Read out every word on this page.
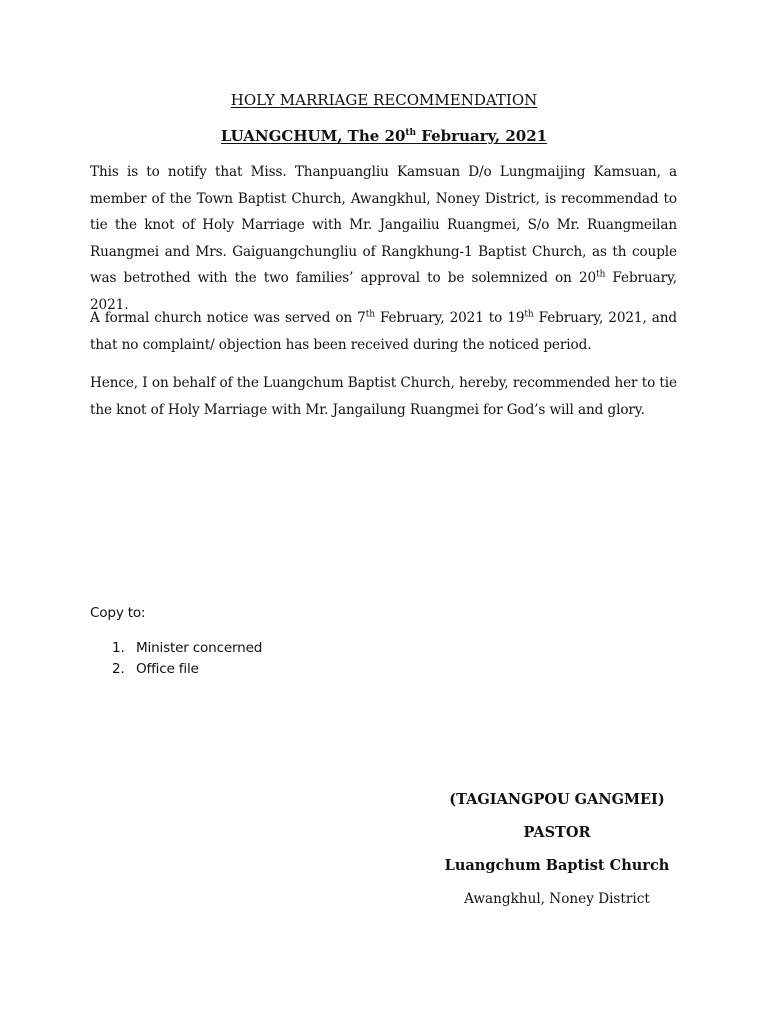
HOLY MARRIAGE RECOMMENDATION
LUANGCHUM, The 20th February, 2021
This is to notify that Miss. Thanpuangliu Kamsuan D/o Lungmaijing Kamsuan, a member of the Town Baptist Church, Awangkhul, Noney District, is recommendad to tie the knot of Holy Marriage with Mr. Jangailiu Ruangmei, S/o Mr. Ruangmeilan Ruangmei and Mrs. Gaiguangchungliu of Rangkhung-1 Baptist Church, as th couple was betrothed with the two families’ approval to be solemnized on 20th February, 2021.
A formal church notice was served on 7th February, 2021 to 19th February, 2021, and that no complaint/ objection has been received during the noticed period.
Hence, I on behalf of the Luangchum Baptist Church, hereby, recommended her to tie the knot of Holy Marriage with Mr. Jangailung Ruangmei for God’s will and glory.
Copy to:
1. Minister concerned
2. Office file
(TAGIANGPOU GANGMEI)
PASTOR
Luangchum Baptist Church
Awangkhul, Noney District
